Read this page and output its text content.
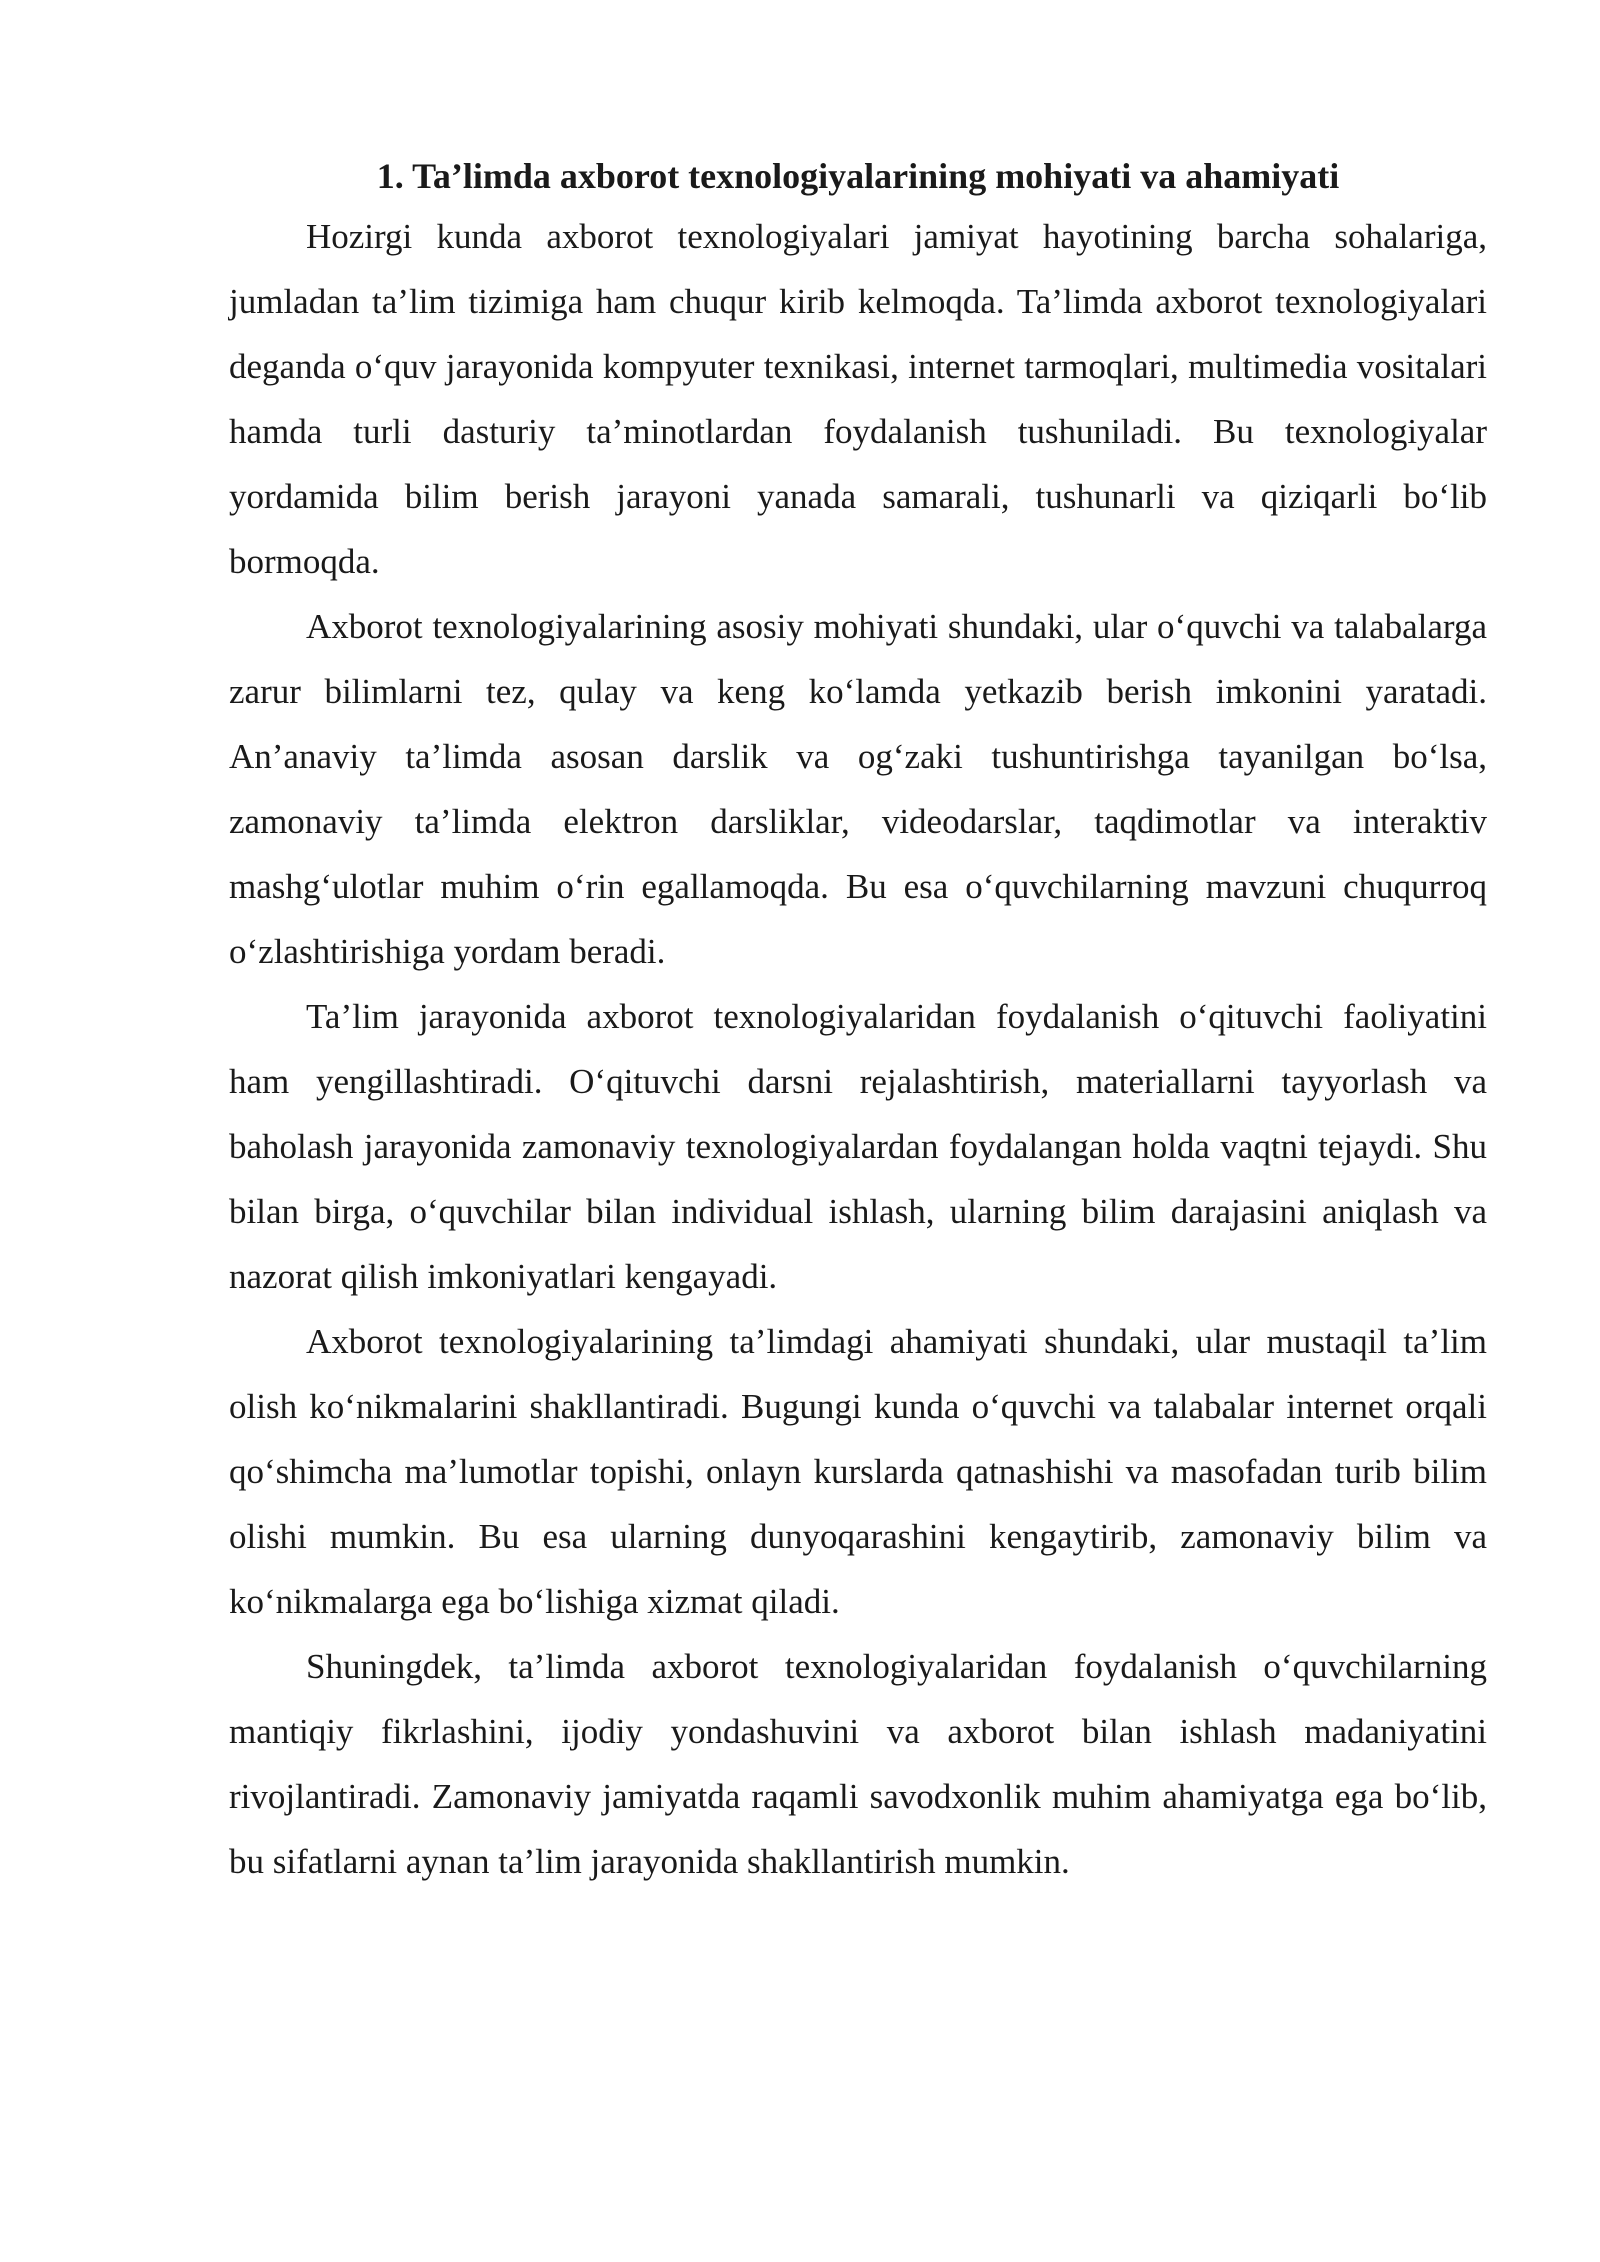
1. Ta’limda axborot texnologiyalarining mohiyati va ahamiyati

Hozirgi kunda axborot texnologiyalari jamiyat hayotining barcha sohalariga, jumladan ta’lim tizimiga ham chuqur kirib kelmoqda. Ta’limda axborot texnologiyalari deganda o‘quv jarayonida kompyuter texnikasi, internet tarmoqlari, multimedia vositalari hamda turli dasturiy ta’minotlardan foydalanish tushuniladi. Bu texnologiyalar yordamida bilim berish jarayoni yanada samarali, tushunarli va qiziqarli bo‘lib bormoqda.

Axborot texnologiyalarining asosiy mohiyati shundaki, ular o‘quvchi va talabalarga zarur bilimlarni tez, qulay va keng ko‘lamda yetkazib berish imkonini yaratadi. An’anaviy ta’limda asosan darslik va og‘zaki tushuntirishga tayanilgan bo‘lsa, zamonaviy ta’limda elektron darsliklar, videodarslar, taqdimotlar va interaktiv mashg‘ulotlar muhim o‘rin egallamoqda. Bu esa o‘quvchilarning mavzuni chuqurroq o‘zlashtirishiga yordam beradi.

Ta’lim jarayonida axborot texnologiyalaridan foydalanish o‘qituvchi faoliyatini ham yengillashtiradi. O‘qituvchi darsni rejalashtirish, materiallarni tayyorlash va baholash jarayonida zamonaviy texnologiyalardan foydalangan holda vaqtni tejaydi. Shu bilan birga, o‘quvchilar bilan individual ishlash, ularning bilim darajasini aniqlash va nazorat qilish imkoniyatlari kengayadi.

Axborot texnologiyalarining ta’limdagi ahamiyati shundaki, ular mustaqil ta’lim olish ko‘nikmalarini shakllantiradi. Bugungi kunda o‘quvchi va talabalar internet orqali qo‘shimcha ma’lumotlar topishi, onlayn kurslarda qatnashishi va masofadan turib bilim olishi mumkin. Bu esa ularning dunyoqarashini kengaytirib, zamonaviy bilim va ko‘nikmalarga ega bo‘lishiga xizmat qiladi.

Shuningdek, ta’limda axborot texnologiyalaridan foydalanish o‘quvchilarning mantiqiy fikrlashini, ijodiy yondashuvini va axborot bilan ishlash madaniyatini rivojlantiradi. Zamonaviy jamiyatda raqamli savodxonlik muhim ahamiyatga ega bo‘lib, bu sifatlarni aynan ta’lim jarayonida shakllantirish mumkin.
